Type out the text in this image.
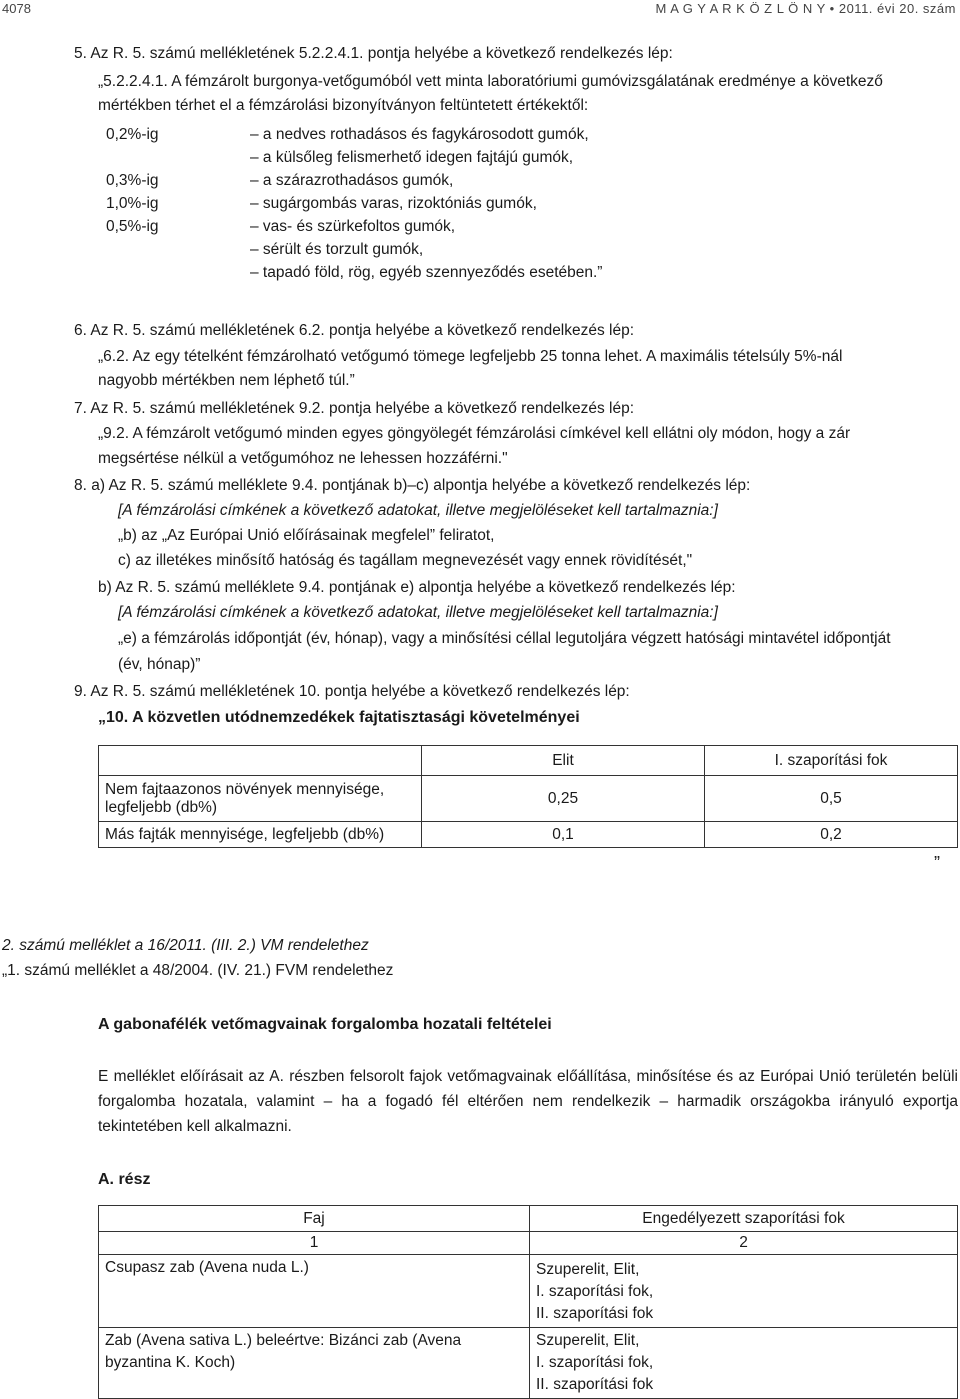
4078	M A G Y A R K Ö Z L Ö N Y • 2011. évi 20. szám
5. Az R. 5. számú mellékletének 5.2.2.4.1. pontja helyébe a következő rendelkezés lép:
„5.2.2.4.1. A fémzárolt burgonya-vetőgumóból vett minta laboratóriumi gumóvizsgálatának eredménye a következő
mértékben térhet el a fémzárolási bizonyítványon feltüntetett értékektől:
0,2%-ig	– a nedves rothadásos és fagykárosodott gumók,
– a külsőleg felismerhető idegen fajtájú gumók,
0,3%-ig	– a szárazrothadásos gumók,
1,0%-ig	– sugárgombás varas, rizoktóniás gumók,
0,5%-ig	– vas- és szürkefoltos gumók,
– sérült és torzult gumók,
– tapadó föld, rög, egyéb szennyeződés esetében.”
6. Az R. 5. számú mellékletének 6.2. pontja helyébe a következő rendelkezés lép:
„6.2. Az egy tételként fémzárolható vetőgumó tömege legfeljebb 25 tonna lehet. A maximális tételsúly 5%-nál
nagyobb mértékben nem léphető túl.”
7. Az R. 5. számú mellékletének 9.2. pontja helyébe a következő rendelkezés lép:
„9.2. A fémzárolt vetőgumó minden egyes göngyölegét fémzárolási címkével kell ellátni oly módon, hogy a zár
megsértése nélkül a vetőgumóhoz ne lehessen hozzáférni."
8. a) Az R. 5. számú melléklete 9.4. pontjának b)–c) alpontja helyébe a következő rendelkezés lép:
[A fémzárolási címkének a következő adatokat, illetve megjelöléseket kell tartalmaznia:]
„b) az „Az Európai Unió előírásainak megfelel” feliratot,
c) az illetékes minősítő hatóság és tagállam megnevezését vagy ennek rövidítését,"
b) Az R. 5. számú melléklete 9.4. pontjának e) alpontja helyébe a következő rendelkezés lép:
[A fémzárolási címkének a következő adatokat, illetve megjelöléseket kell tartalmaznia:]
„e) a fémzárolás időpontját (év, hónap), vagy a minősítési céllal legutoljára végzett hatósági mintavétel időpontját
(év, hónap)”
9. Az R. 5. számú mellékletének 10. pontja helyébe a következő rendelkezés lép:
„10. A közvetlen utódnemzedékek fajtatisztasági követelményei
	Elit	I. szaporítási fok
Nem fajtaazonos növények mennyisége, legfeljebb (db%)	0,25	0,5
Más fajták mennyisége, legfeljebb (db%)	0,1	0,2
”
2. számú melléklet a 16/2011. (III. 2.) VM rendelethez
„1. számú melléklet a 48/2004. (IV. 21.) FVM rendelethez
A gabonafélék vetőmagvainak forgalomba hozatali feltételei
E melléklet előírásait az A. részben felsorolt fajok vetőmagvainak előállítása, minősítése és az Európai Unió területén belüli forgalomba hozatala, valamint – ha a fogadó fél eltérően nem rendelkezik – harmadik országokba irányuló exportja tekintetében kell alkalmazni.
A. rész
Faj	Engedélyezett szaporítási fok
1	2
Csupasz zab (Avena nuda L.)	Szuperelit, Elit,
I. szaporítási fok,
II. szaporítási fok

Zab (Avena sativa L.) beleértve: Bizánci zab (Avena byzantina K. Koch)	Szuperelit, Elit,
I. szaporítási fok,
II. szaporítási fok
